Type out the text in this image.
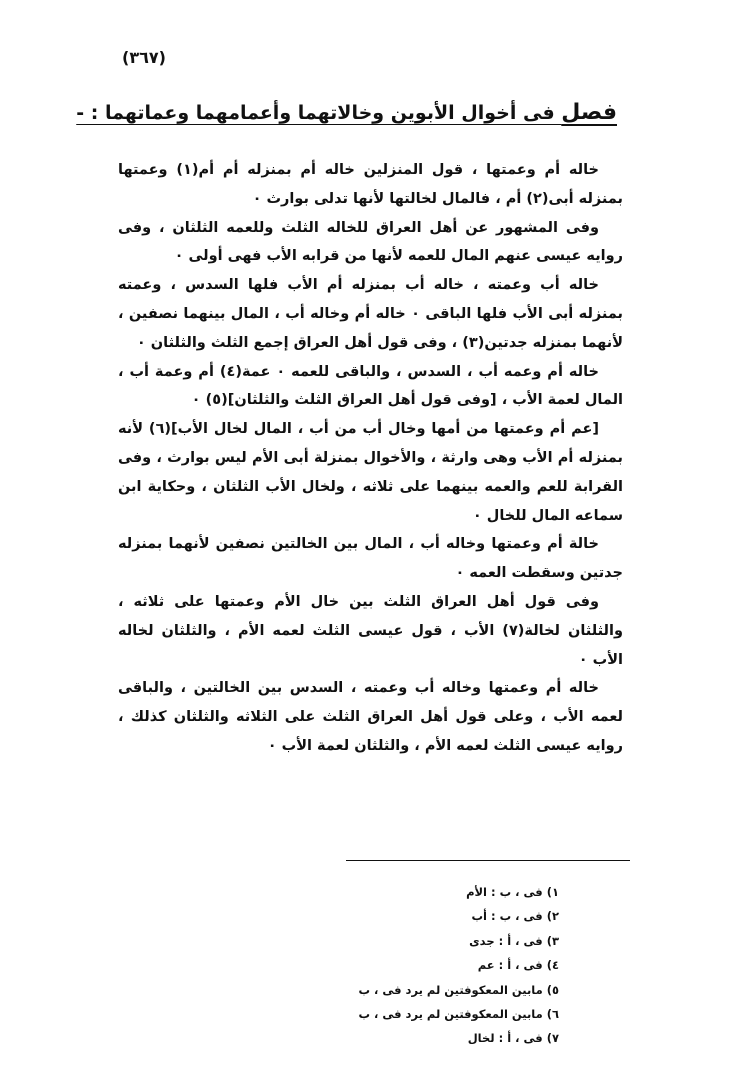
(٣٦٧)
فصل فى أخوال الأبوين وخالاتهما وأعمامهما وعماتهما : -

خاله أم وعمتها ، قول المنزلين خاله أم بمنزله أم أم(١) وعمتها بمنزله أبى(٢) أم ، فالمال لخالتها لأنها تدلى بوارث ٠

وفى المشهور عن أهل العراق للخاله الثلث وللعمه الثلثان ، وفى روايه عيسى عنهم المال للعمه لأنها من قرابه الأب فهى أولى ٠

خاله أب وعمته ، خاله أب بمنزله أم الأب فلها السدس ، وعمته بمنزله أبى الأب فلها الباقى ٠ خاله أم وخاله أب ، المال بينهما نصفين ، لأنهما بمنزله جدتين(٣) ، وفى قول أهل العراق إجمع الثلث والثلثان ٠

خاله أم وعمه أب ، السدس ، والباقى للعمه ٠ عمة(٤) أم وعمة أب ، المال لعمة الأب ، [وفى قول أهل العراق الثلث والثلثان](٥) ٠

[عم أم وعمتها من أمها وخال أب من أب ، المال لخال الأب](٦) لأنه بمنزله أم الأب وهى وارثة ، والأخوال بمنزلة أبى الأم ليس بوارث ، وفى القرابة للعم والعمه بينهما على ثلاثه ، ولخال الأب الثلثان ، وحكاية ابن سماعه المال للخال ٠

خالة أم وعمتها وخاله أب ، المال بين الخالتين نصفين لأنهما بمنزله جدتين وسقطت العمه ٠

وفى قول أهل العراق الثلث بين خال الأم وعمتها على ثلاثه ، والثلثان لخالة(٧) الأب ، قول عيسى الثلث لعمه الأم ، والثلثان لخاله الأب ٠

خاله أم وعمتها وخاله أب وعمته ، السدس بين الخالتين ، والباقى لعمه الأب ، وعلى قول أهل العراق الثلث على الثلاثه والثلثان كذلك ، روايه عيسى الثلث لعمه الأم ، والثلثان لعمة الأب ٠

١) فى ، ب : الأم
٢) فى ، ب : أب
٣) فى ، أ : جدى
٤) فى ، أ : عم
٥) مابين المعكوفتين لم يرد فى ، ب
٦) مابين المعكوفتين لم يرد فى ، ب
٧) فى ، أ : لخال
